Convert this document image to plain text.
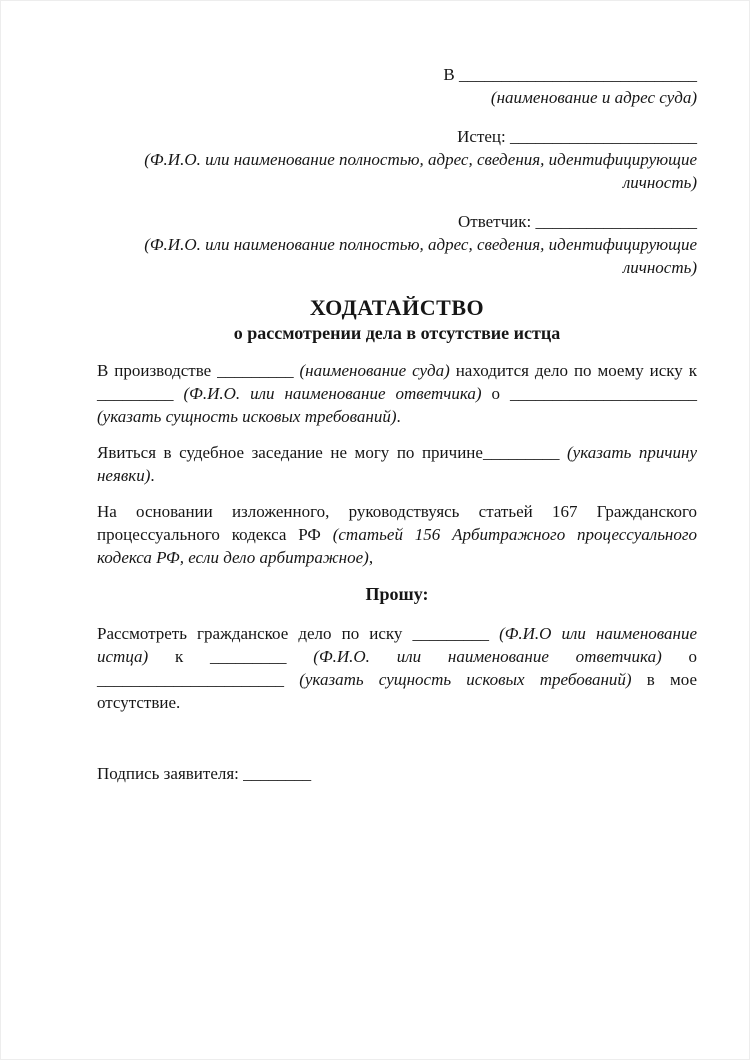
В ____________________________
(наименование и адрес суда)
Истец: ______________________
(Ф.И.О. или наименование полностью, адрес, сведения, идентифицирующие личность)
Ответчик: ___________________
(Ф.И.О. или наименование полностью, адрес, сведения, идентифицирующие личность)
ХОДАТАЙСТВО
о рассмотрении дела в отсутствие истца

В производстве _________ (наименование суда) находится дело по моему иску к _________ (Ф.И.О. или наименование ответчика) о ______________________ (указать сущность исковых требований).

Явиться в судебное заседание не могу по причине_________ (указать причину неявки).

На основании изложенного, руководствуясь статьей 167 Гражданского процессуального кодекса РФ (статьей 156 Арбитражного процессуального кодекса РФ, если дело арбитражное),

Прошу:

Рассмотреть гражданское дело по иску _________ (Ф.И.О или наименование истца) к _________ (Ф.И.О. или наименование ответчика) о ______________________ (указать сущность исковых требований) в мое отсутствие.

Подпись заявителя: ________
